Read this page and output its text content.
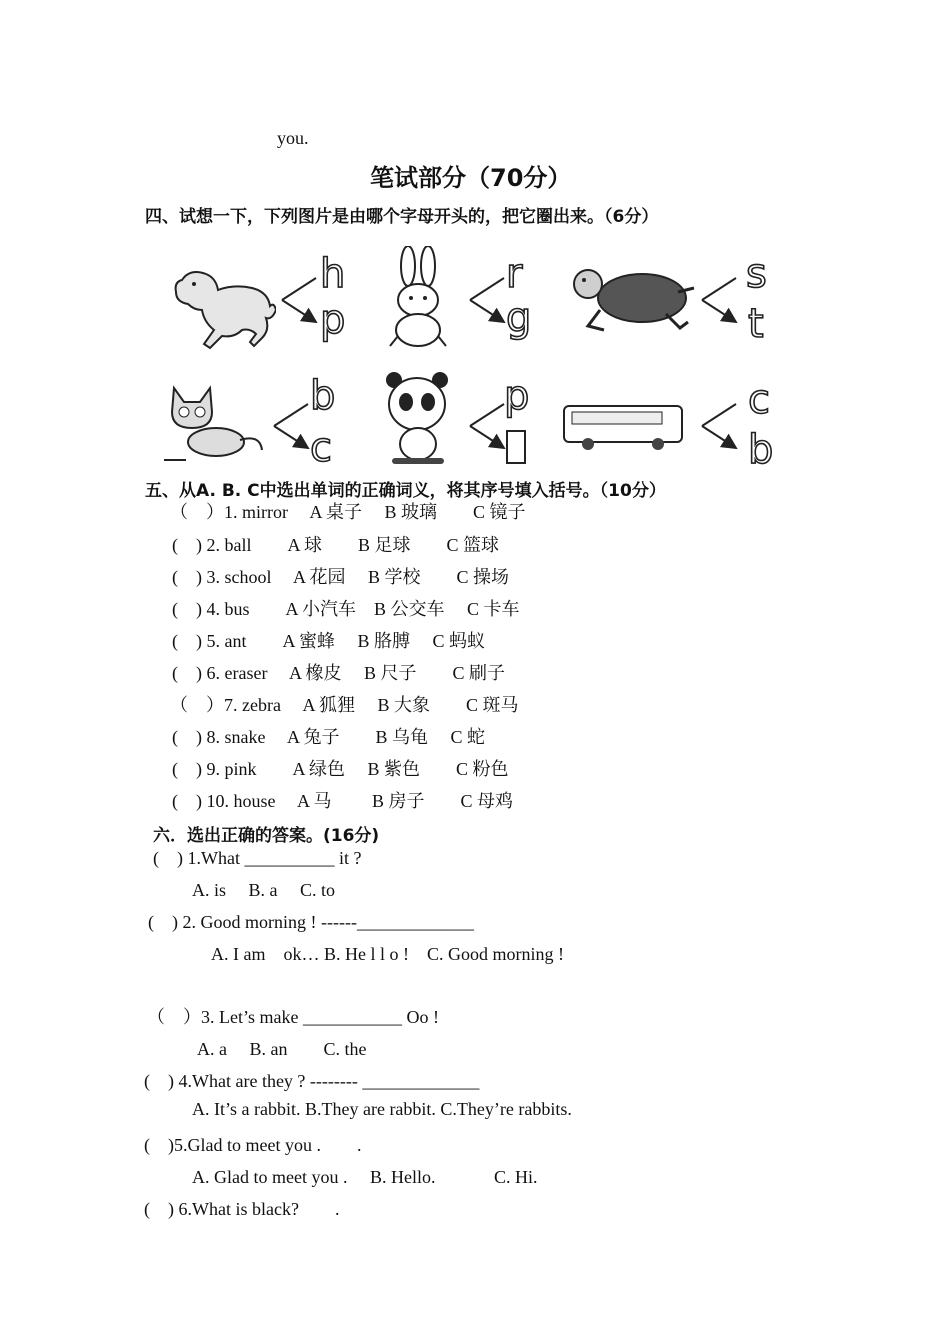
you.
笔试部分（70分）
四、试想一下，下列图片是由哪个字母开头的，把它圈出来。（6分）
h
p
r
g
s
t
b
c
p	c
b
五、从A. B. C中选出单词的正确词义，将其序号填入括号。（10分）
（　）1. mirror　 A 桌子　 B 玻璃　　C 镜子
(　) 2. ball　　A 球　　B 足球　　C 篮球
(　) 3. school　 A 花园　 B 学校　　C 操场
(　) 4. bus　　A 小汽车　B 公交车　 C 卡车
(　) 5. ant　　A 蜜蜂　 B 胳膊　 C 蚂蚁
(　) 6. eraser　 A 橡皮　 B 尺子　　C 刷子
（　）7. zebra　 A 狐狸　 B 大象　　C 斑马
(　) 8. snake　 A 兔子　　B 乌龟　 C 蛇
(　) 9. pink　　A 绿色　 B 紫色　　C 粉色
(　) 10. house　 A 马　　 B 房子　　C 母鸡
六．选出正确的答案。(16分)
(　) 1.What __________ it ?
A. is　 B. a　 C. to
(　) 2. Good morning ! ------_____________
A. I am　ok… B. He l l o !　C. Good morning !
（　）3. Let’s make ___________ Oo !
A. a　 B. an　　C. the
(　) 4.What are they ? -------- _____________
A. It’s a rabbit. B.They are rabbit. C.They’re rabbits.
(　)5.Glad to meet you .　　.
A. Glad to meet you .　 B. Hello.　　　 C. Hi.
(　) 6.What is black?　　.
